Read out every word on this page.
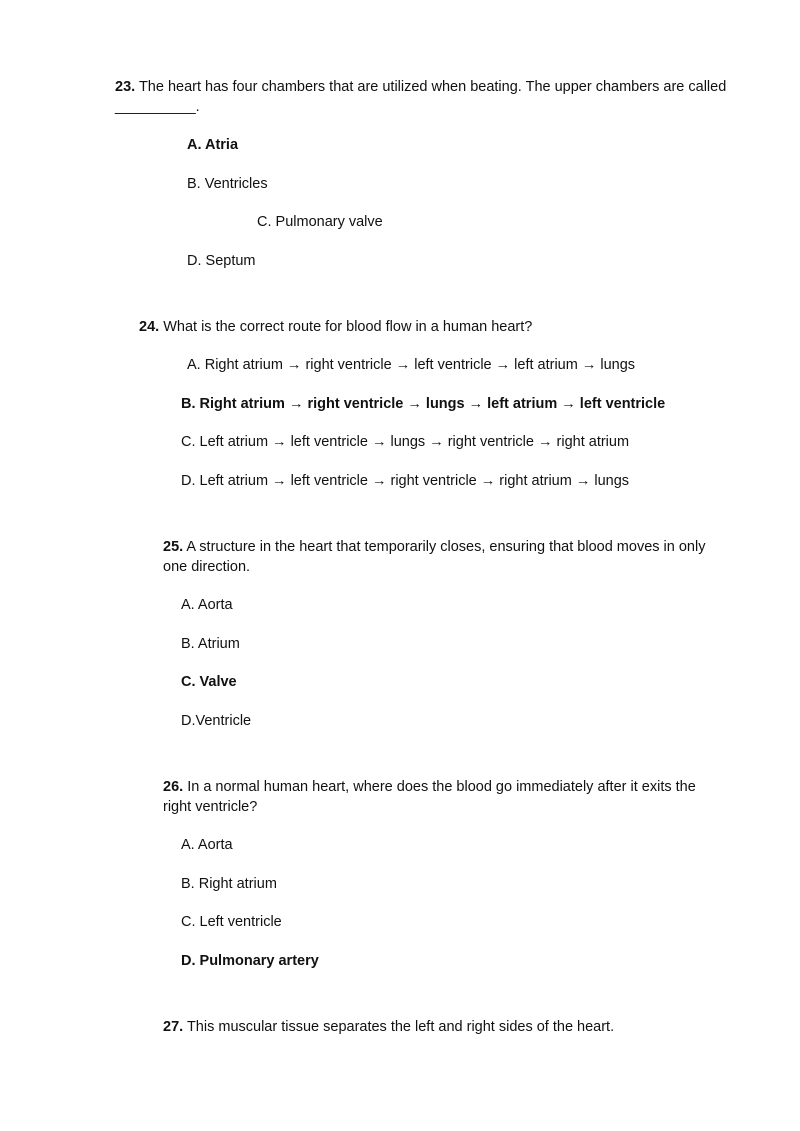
23. The heart has four chambers that are utilized when beating. The upper chambers are called
__________.

A. Atria

B. Ventricles

C. Pulmonary valve

D. Septum

24. What is the correct route for blood flow in a human heart?

A. Right atrium → right ventricle → left ventricle → left atrium → lungs

B. Right atrium → right ventricle → lungs → left atrium → left ventricle

C. Left atrium → left ventricle → lungs → right ventricle → right atrium

D. Left atrium → left ventricle → right ventricle → right atrium → lungs

25. A structure in the heart that temporarily closes, ensuring that blood moves in only
one direction.

A. Aorta

B. Atrium

C. Valve

D.Ventricle

26. In a normal human heart, where does the blood go immediately after it exits the
right ventricle?

A. Aorta

B. Right atrium

C. Left ventricle

D. Pulmonary artery

27. This muscular tissue separates the left and right sides of the heart.
